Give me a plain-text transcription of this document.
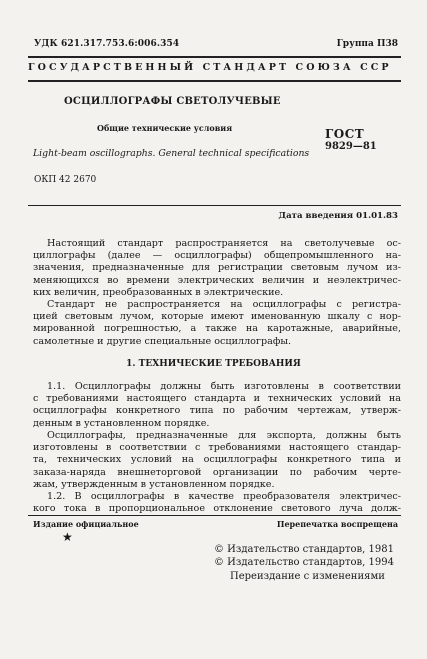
УДК 621.317.753.6:006.354	Группа П38
ГОСУДАРСТВЕННЫЙ СТАНДАРТ СОЮЗА ССР
ОСЦИЛЛОГРАФЫ СВЕТОЛУЧЕВЫЕ
Общие технические условия	ГОСТ
9829—81
Light-beam oscillographs. General technical specifications
ОКП 42 2670
Дата введения 01.01.83
Настоящий стандарт распространяется на светолучевые ос-
циллографы (далее — осциллографы) общепромышленного на-
значения, предназначенные для регистрации световым лучом из-
меняющихся во времени электрических величин и неэлектричес-
ких величин, преобразованных в электрические.
Стандарт не распространяется на осциллографы с регистра-
цией световым лучом, которые имеют именованную шкалу с нор-
мированной погрешностью, а также на каротажные, аварийные,
самолетные и другие специальные осциллографы.
1. ТЕХНИЧЕСКИЕ ТРЕБОВАНИЯ
1.1. Осциллографы должны быть изготовлены в соответствии
с требованиями настоящего стандарта и технических условий на
осциллографы конкретного типа по рабочим чертежам, утверж-
денным в установленном порядке.
Осциллографы, предназначенные для экспорта, должны быть
изготовлены в соответствии с требованиями настоящего стандар-
та, технических условий на осциллографы конкретного типа и
заказа-наряда внешнеторговой организации по рабочим черте-
жам, утвержденным в установленном порядке.
1.2. В осциллографы в качестве преобразователя электричес-
кого тока в пропорциональное отклонение светового луча долж-
Издание официальное	Перепечатка воспрещена
★
© Издательство стандартов, 1981
© Издательство стандартов, 1994
Переиздание с изменениями
